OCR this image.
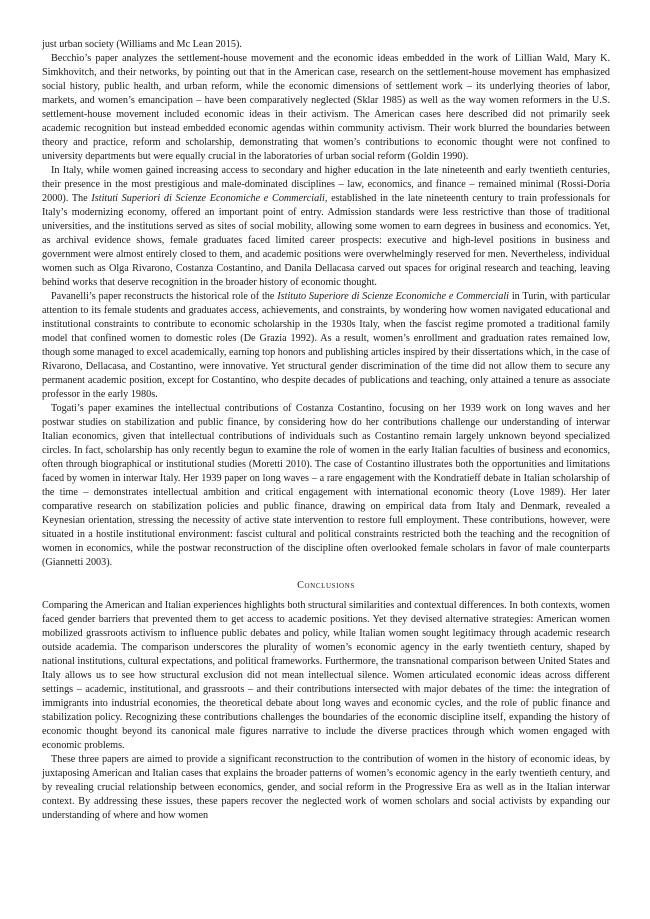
just urban society (Williams and Mc Lean 2015).

Becchio’s paper analyzes the settlement-house movement and the economic ideas embedded in the work of Lillian Wald, Mary K. Simkhovitch, and their networks, by pointing out that in the American case, research on the settlement-house movement has emphasized social history, public health, and urban reform, while the economic dimensions of settlement work – its underlying theories of labor, markets, and women’s emancipation – have been comparatively neglected (Sklar 1985) as well as the way women reformers in the U.S. settlement-house movement included economic ideas in their activism. The American cases here described did not primarily seek academic recognition but instead embedded economic agendas within community activism. Their work blurred the boundaries between theory and practice, reform and scholarship, demonstrating that women’s contributions to economic thought were not confined to university departments but were equally crucial in the laboratories of urban social reform (Goldin 1990).

In Italy, while women gained increasing access to secondary and higher education in the late nineteenth and early twentieth centuries, their presence in the most prestigious and male-dominated disciplines – law, economics, and finance – remained minimal (Rossi-Doria 2000). The Istituti Superiori di Scienze Economiche e Commerciali, established in the late nineteenth century to train professionals for Italy’s modernizing economy, offered an important point of entry. Admission standards were less restrictive than those of traditional universities, and the institutions served as sites of social mobility, allowing some women to earn degrees in business and economics. Yet, as archival evidence shows, female graduates faced limited career prospects: executive and high-level positions in business and government were almost entirely closed to them, and academic positions were overwhelmingly reserved for men. Nevertheless, individual women such as Olga Rivarono, Costanza Costantino, and Danila Dellacasa carved out spaces for original research and teaching, leaving behind works that deserve recognition in the broader history of economic thought.

Pavanelli’s paper reconstructs the historical role of the Istituto Superiore di Scienze Economiche e Commerciali in Turin, with particular attention to its female students and graduates access, achievements, and constraints, by wondering how women navigated educational and institutional constraints to contribute to economic scholarship in the 1930s Italy, when the fascist regime promoted a traditional family model that confined women to domestic roles (De Grazia 1992). As a result, women’s enrollment and graduation rates remained low, though some managed to excel academically, earning top honors and publishing articles inspired by their dissertations which, in the case of Rivarono, Dellacasa, and Costantino, were innovative. Yet structural gender discrimination of the time did not allow them to secure any permanent academic position, except for Costantino, who despite decades of publications and teaching, only attained a tenure as associate professor in the early 1980s.

Togati’s paper examines the intellectual contributions of Costanza Costantino, focusing on her 1939 work on long waves and her postwar studies on stabilization and public finance, by considering how do her contributions challenge our understanding of interwar Italian economics, given that intellectual contributions of individuals such as Costantino remain largely unknown beyond specialized circles. In fact, scholarship has only recently begun to examine the role of women in the early Italian faculties of business and economics, often through biographical or institutional studies (Moretti 2010). The case of Costantino illustrates both the opportunities and limitations faced by women in interwar Italy. Her 1939 paper on long waves – a rare engagement with the Kondratieff debate in Italian scholarship of the time – demonstrates intellectual ambition and critical engagement with international economic theory (Love 1989). Her later comparative research on stabilization policies and public finance, drawing on empirical data from Italy and Denmark, revealed a Keynesian orientation, stressing the necessity of active state intervention to restore full employment. These contributions, however, were situated in a hostile institutional environment: fascist cultural and political constraints restricted both the teaching and the recognition of women in economics, while the postwar reconstruction of the discipline often overlooked female scholars in favor of male counterparts (Giannetti 2003).

Conclusions

Comparing the American and Italian experiences highlights both structural similarities and contextual differences. In both contexts, women faced gender barriers that prevented them to get access to academic positions. Yet they devised alternative strategies: American women mobilized grassroots activism to influence public debates and policy, while Italian women sought legitimacy through academic research outside academia. The comparison underscores the plurality of women’s economic agency in the early twentieth century, shaped by national institutions, cultural expectations, and political frameworks. Furthermore, the transnational comparison between United States and Italy allows us to see how structural exclusion did not mean intellectual silence. Women articulated economic ideas across different settings – academic, institutional, and grassroots – and their contributions intersected with major debates of the time: the integration of immigrants into industrial economies, the theoretical debate about long waves and economic cycles, and the role of public finance and stabilization policy. Recognizing these contributions challenges the boundaries of the economic discipline itself, expanding the history of economic thought beyond its canonical male figures narrative to include the diverse practices through which women engaged with economic problems.

These three papers are aimed to provide a significant reconstruction to the contribution of women in the history of economic ideas, by juxtaposing American and Italian cases that explains the broader patterns of women’s economic agency in the early twentieth century, and by revealing crucial relationship between economics, gender, and social reform in the Progressive Era as well as in the Italian interwar context. By addressing these issues, these papers recover the neglected work of women scholars and social activists by expanding our understanding of where and how women
